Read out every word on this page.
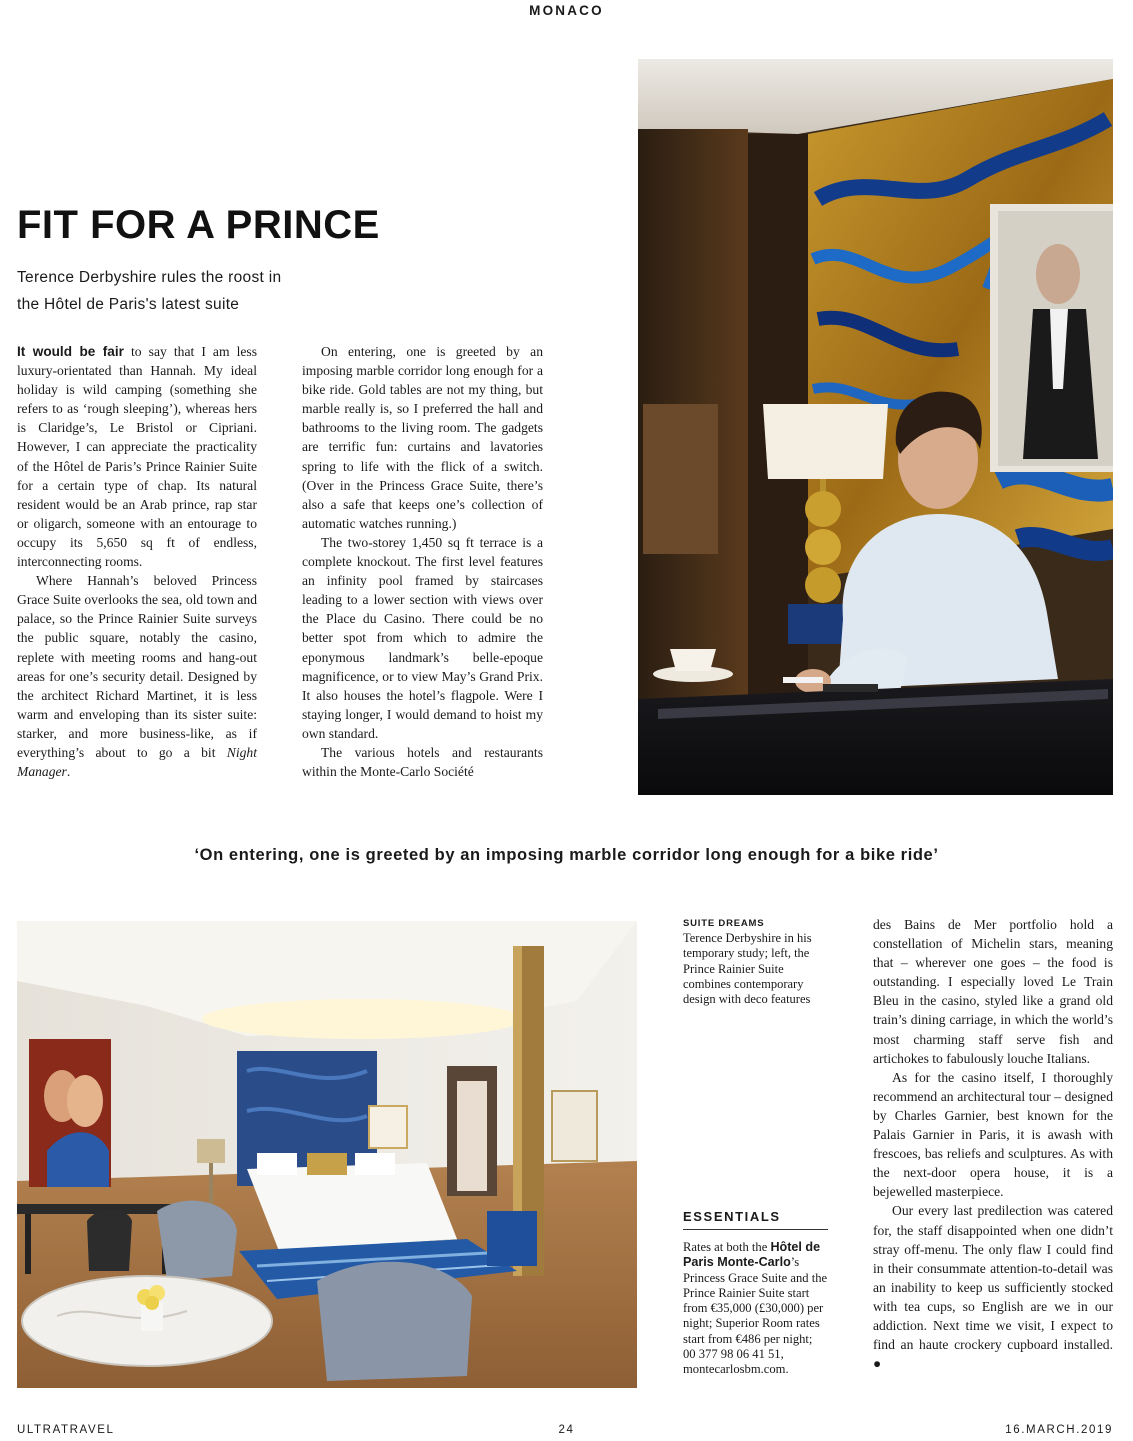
MONACO
FIT FOR A PRINCE
Terence Derbyshire rules the roost in
the Hôtel de Paris's latest suite

It would be fair to say that I am less luxury-orientated than Hannah. My ideal holiday is wild camping (something she refers to as ‘rough sleeping’), whereas hers is Claridge’s, Le Bristol or Cipriani. However, I can appreciate the practicality of the Hôtel de Paris’s Prince Rainier Suite for a certain type of chap. Its natural resident would be an Arab prince, rap star or oligarch, someone with an entourage to occupy its 5,650 sq ft of endless, interconnecting rooms.

Where Hannah’s beloved Princess Grace Suite overlooks the sea, old town and palace, so the Prince Rainier Suite surveys the public square, notably the casino, replete with meeting rooms and hang-out areas for one’s security detail. Designed by the architect Richard Martinet, it is less warm and enveloping than its sister suite: starker, and more business-like, as if everything’s about to go a bit Night Manager.

On entering, one is greeted by an imposing marble corridor long enough for a bike ride. Gold tables are not my thing, but marble really is, so I preferred the hall and bathrooms to the living room. The gadgets are terrific fun: curtains and lavatories spring to life with the flick of a switch. (Over in the Princess Grace Suite, there’s also a safe that keeps one’s collection of automatic watches running.)

The two-storey 1,450 sq ft terrace is a complete knockout. The first level features an infinity pool framed by staircases leading to a lower section with views over the Place du Casino. There could be no better spot from which to admire the eponymous landmark’s belle-epoque magnificence, or to view May’s Grand Prix. It also houses the hotel’s flagpole. Were I staying longer, I would demand to hoist my own standard.

The various hotels and restaurants within the Monte-Carlo Société

‘On entering, one is greeted by an imposing marble corridor long enough for a bike ride’
SUITE DREAMS
Terence Derbyshire in his temporary study; left, the Prince Rainier Suite combines contemporary design with deco features
ESSENTIALS
Rates at both the Hôtel de Paris Monte-Carlo’s Princess Grace Suite and the Prince Rainier Suite start from €35,000 (£30,000) per night; Superior Room rates start from €486 per night; 00 377 98 06 41 51, montecarlosbm.com.

des Bains de Mer portfolio hold a constellation of Michelin stars, meaning that – wherever one goes – the food is outstanding. I especially loved Le Train Bleu in the casino, styled like a grand old train’s dining carriage, in which the world’s most charming staff serve fish and artichokes to fabulously louche Italians.

As for the casino itself, I thoroughly recommend an architectural tour – designed by Charles Garnier, best known for the Palais Garnier in Paris, it is awash with frescoes, bas reliefs and sculptures. As with the next-door opera house, it is a bejewelled masterpiece.

Our every last predilection was catered for, the staff disappointed when one didn’t stray off-menu. The only flaw I could find in their consummate attention-to-detail was an inability to keep us sufficiently stocked with tea cups, so English are we in our addiction. Next time we visit, I expect to find an haute crockery cupboard installed. ●

ULTRATRAVEL	24	16.MARCH.2019
